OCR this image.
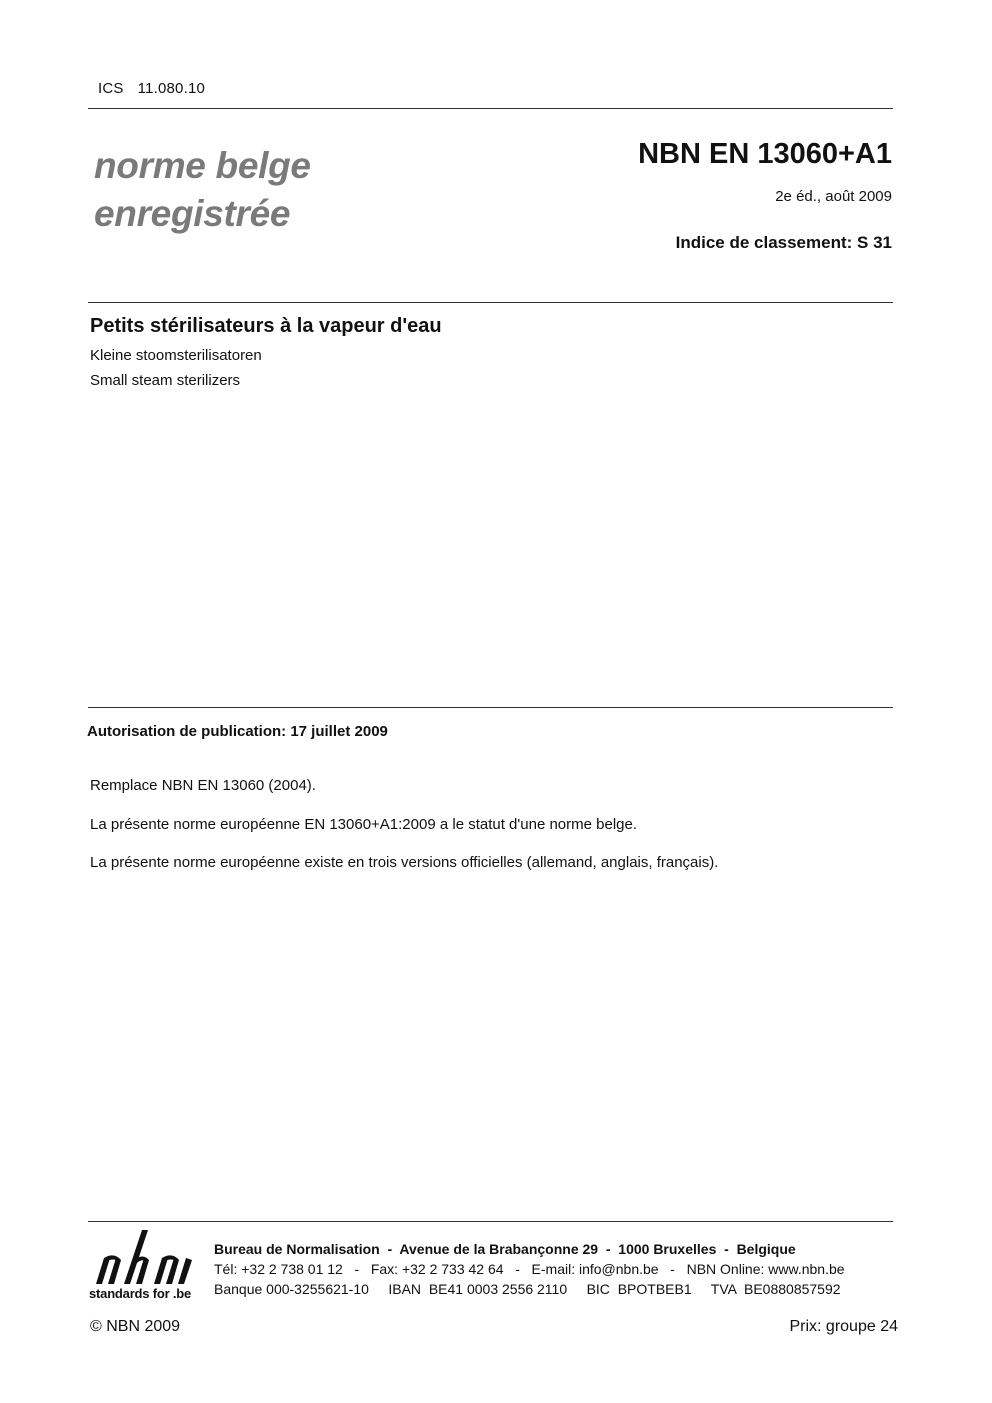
ICS 11.080.10
norme belge
enregistrée
NBN EN 13060+A1
2e éd., août 2009
Indice de classement: S 31
Petits stérilisateurs à la vapeur d'eau
Kleine stoomsterilisatoren
Small steam sterilizers
Autorisation de publication: 17 juillet 2009
Remplace NBN EN 13060 (2004).
La présente norme européenne EN 13060+A1:2009 a le statut d'une norme belge.
La présente norme européenne existe en trois versions officielles (allemand, anglais, français).
standards for .be
Bureau de Normalisation  -  Avenue de la Brabançonne 29  -  1000 Bruxelles  -  Belgique
Tél: +32 2 738 01 12   -   Fax: +32 2 733 42 64   -   E-mail: info@nbn.be   -   NBN Online: www.nbn.be
Banque 000-3255621-10     IBAN  BE41 0003 2556 2110     BIC  BPOTBEB1     TVA  BE0880857592
© NBN 2009	Prix: groupe 24
